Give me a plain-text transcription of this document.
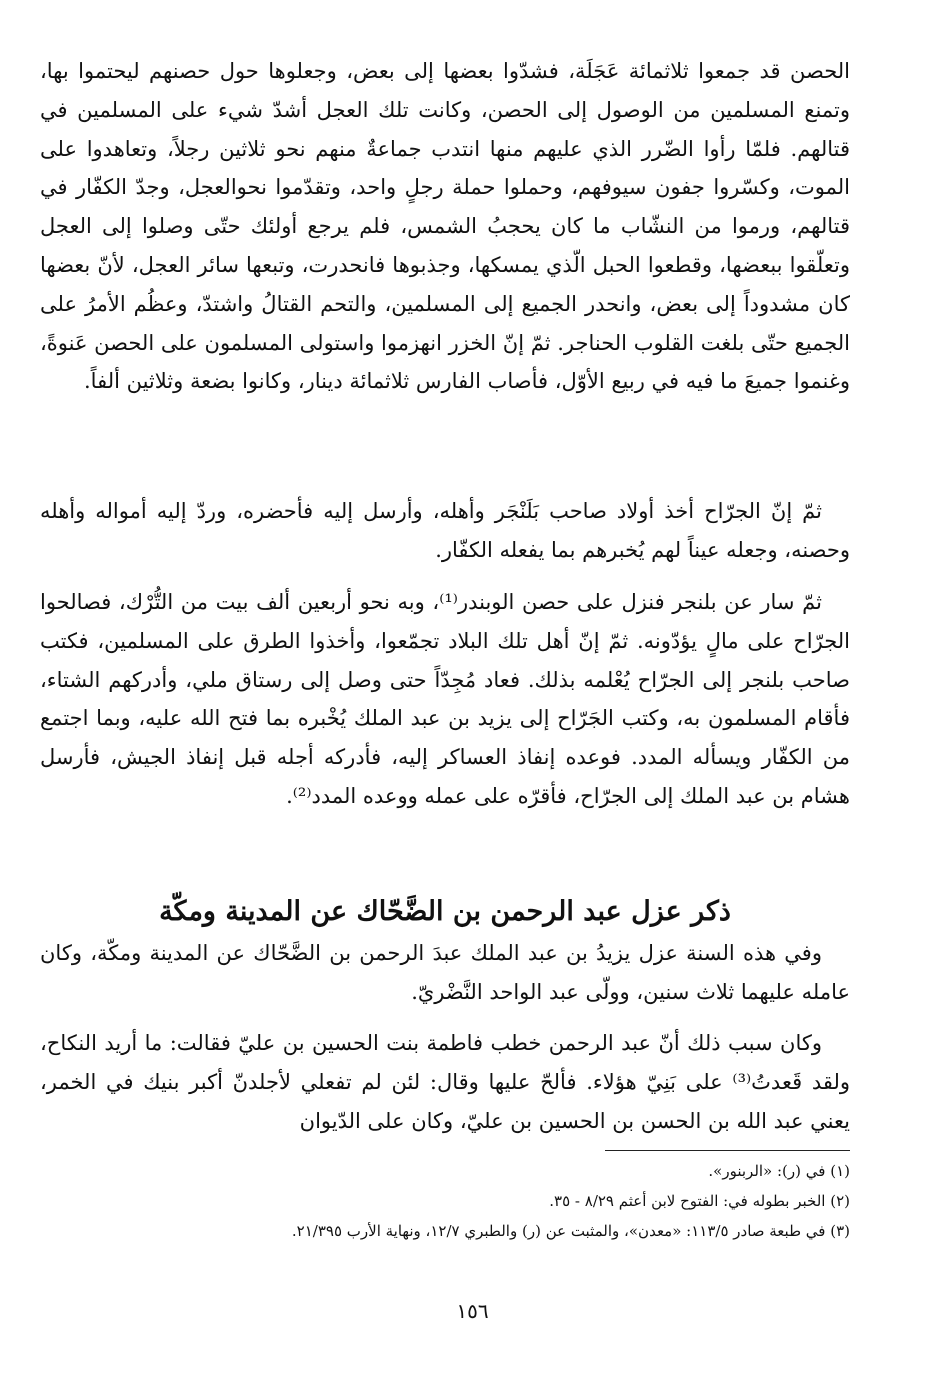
الحصن قد جمعوا ثلاثمائة عَجَلَة، فشدّوا بعضها إلى بعض، وجعلوها حول حصنهم ليحتموا بها، وتمنع المسلمين من الوصول إلى الحصن، وكانت تلك العجل أشدّ شيء على المسلمين في قتالهم. فلمّا رأوا الضّرر الذي عليهم منها انتدب جماعةٌ منهم نحو ثلاثين رجلاً، وتعاهدوا على الموت، وكسّروا جفون سيوفهم، وحملوا حملة رجلٍ واحد، وتقدّموا نحوالعجل، وجدّ الكفّار في قتالهم، ورموا من النشّاب ما كان يحجبُ الشمس، فلم يرجع أولئك حتّى وصلوا إلى العجل وتعلّقوا ببعضها، وقطعوا الحبل الّذي يمسكها، وجذبوها فانحدرت، وتبعها سائر العجل، لأنّ بعضها كان مشدوداً إلى بعض، وانحدر الجميع إلى المسلمين، والتحم القتالُ واشتدّ، وعظُم الأمرُ على الجميع حتّى بلغت القلوب الحناجر. ثمّ إنّ الخزر انهزموا واستولى المسلمون على الحصن عَنوةً، وغنموا جميعَ ما فيه في ربيع الأوّل، فأصاب الفارس ثلاثمائة دينار، وكانوا بضعة وثلاثين ألفاً.

ثمّ إنّ الجرّاح أخذ أولاد صاحب بَلَنْجَر وأهله، وأرسل إليه فأحضره، وردّ إليه أمواله وأهله وحصنه، وجعله عيناً لهم يُخبرهم بما يفعله الكفّار.

ثمّ سار عن بلنجر فنزل على حصن الوبندر⁽¹⁾، وبه نحو أربعين ألف بيت من التُّرْك، فصالحوا الجرّاح على مالٍ يؤدّونه. ثمّ إنّ أهل تلك البلاد تجمّعوا، وأخذوا الطرق على المسلمين، فكتب صاحب بلنجر إلى الجرّاح يُعْلمه بذلك. فعاد مُجِدّاً حتى وصل إلى رستاق ملي، وأدركهم الشتاء، فأقام المسلمون به، وكتب الجَرّاح إلى يزيد بن عبد الملك يُخْبره بما فتح الله عليه، وبما اجتمع من الكفّار ويسأله المدد. فوعده إنفاذ العساكر إليه، فأدركه أجله قبل إنفاذ الجيش، فأرسل هشام بن عبد الملك إلى الجرّاح، فأقرّه على عمله ووعده المدد⁽²⁾.

ذكر عزل عبد الرحمن بن الضَّحّاك عن المدينة ومكّة

وفي هذه السنة عزل يزيدُ بن عبد الملك عبدَ الرحمن بن الضَّحّاك عن المدينة ومكّة، وكان عامله عليهما ثلاث سنين، وولّى عبد الواحد النَّضْريّ.

وكان سبب ذلك أنّ عبد الرحمن خطب فاطمة بنت الحسين بن عليّ فقالت: ما أريد النكاح، ولقد قَعدتُ⁽³⁾ على بَنِيّ هؤلاء. فألحّ عليها وقال: لئن لم تفعلي لأجلدنّ أكبر بنيك في الخمر، يعني عبد الله بن الحسن بن الحسين بن عليّ، وكان على الدّيوان

(١) في (ر): «الربنور».
(٢) الخبر بطوله في: الفتوح لابن أعثم ٨/٢٩ - ٣٥.
(٣) في طبعة صادر ١١٣/٥: «معدن»، والمثبت عن (ر) والطبري ١٢/٧، ونهاية الأرب ٢١/٣٩٥.
١٥٦
